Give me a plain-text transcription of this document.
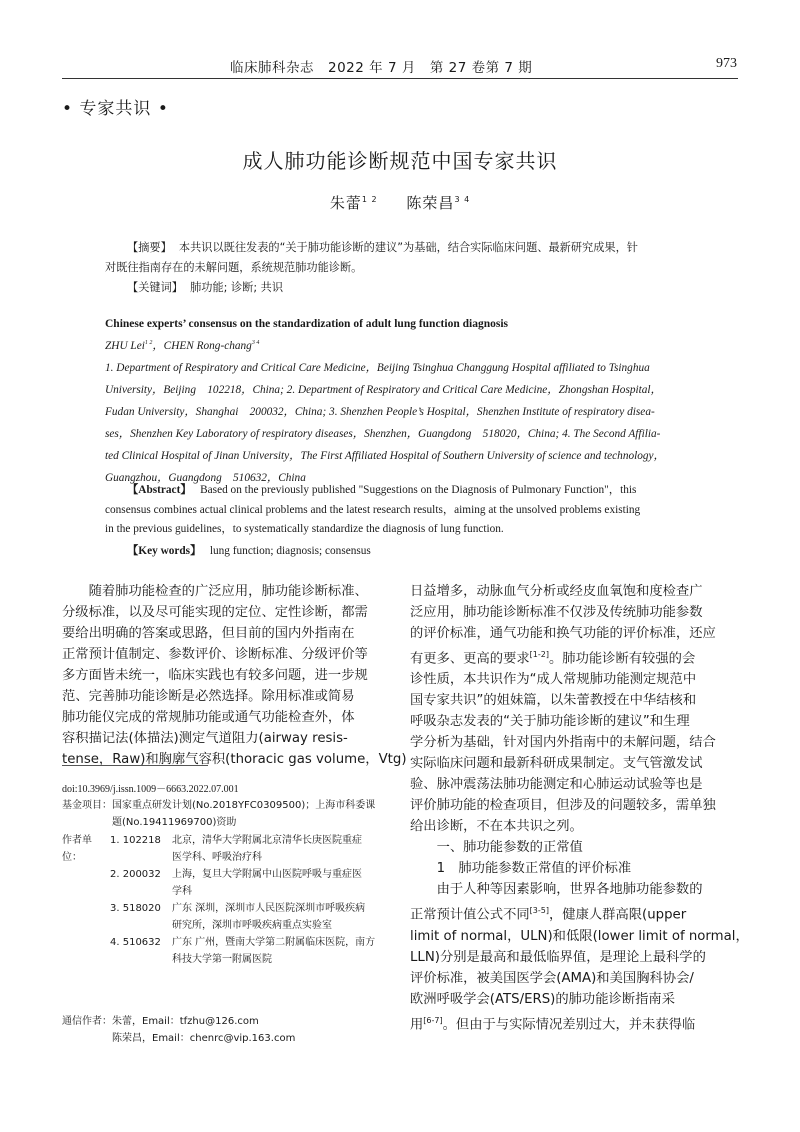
临床肺科杂志　2022 年 7 月　第 27 卷第 7 期	973
• 专家共识 •
成人肺功能诊断规范中国专家共识
朱蕾$^{1 2}$ 陈荣昌$^{3 4}$
【摘要】 本共识以既往发表的“关于肺功能诊断的建议”为基础，结合实际临床问题、最新研究成果，针
对既往指南存在的未解问题，系统规范肺功能诊断。
【关键词】 肺功能; 诊断; 共识
Chinese experts’ consensus on the standardization of adult lung function diagnosis
ZHU Lei$^{1 2}$，CHEN Rong-chang$^{3 4}$
1. Department of Respiratory and Critical Care Medicine，Beijing Tsinghua Changgung Hospital affiliated to Tsinghua
University，Beijing　102218，China; 2. Department of Respiratory and Critical Care Medicine，Zhongshan Hospital，
Fudan University，Shanghai　200032，China; 3. Shenzhen People’s Hospital，Shenzhen Institute of respiratory disea-
ses，Shenzhen Key Laboratory of respiratory diseases，Shenzhen，Guangdong　518020，China; 4. The Second Affilia-
ted Clinical Hospital of Jinan University，The First Affiliated Hospital of Southern University of science and technology，
Guangzhou，Guangdong　510632，China
【Abstract】 Based on the previously published "Suggestions on the Diagnosis of Pulmonary Function"，this
consensus combines actual clinical problems and the latest research results，aiming at the unsolved problems existing
in the previous guidelines，to systematically standardize the diagnosis of lung function.
【Key words】 lung function; diagnosis; consensus
　　随着肺功能检查的广泛应用，肺功能诊断标准、
分级标准，以及尽可能实现的定位、定性诊断，都需
要给出明确的答案或思路，但目前的国内外指南在
正常预计值制定、参数评价、诊断标准、分级评价等
多方面皆未统一，临床实践也有较多问题，进一步规
范、完善肺功能诊断是必然选择。除用标准或简易
肺功能仪完成的常规肺功能或通气功能检查外，体
容积描记法(体描法)测定气道阻力(airway resis-
tense，Raw)和胸廓气容积(thoracic gas volume，Vtg)
doi:10.3969/j.issn.1009－6663.2022.07.001
基金项目：国家重点研发计划(No.2018YFC0309500)；上海市科委课
　　　　　题(No.19411969700)资助
作者单位：
1. 102218	北京，清华大学附属北京清华长庚医院重症
医学科、呼吸治疗科
2. 200032	上海，复旦大学附属中山医院呼吸与重症医
学科
3. 518020	广东 深圳，深圳市人民医院深圳市呼吸疾病
研究所，深圳市呼吸疾病重点实验室
4. 510632	广东 广州，暨南大学第二附属临床医院，南方
科技大学第一附属医院
通信作者：朱蕾，Email：tfzhu@126.com
　　　　　陈荣昌，Email：chenrc@vip.163.com
日益增多，动脉血气分析或经皮血氧饱和度检查广
泛应用，肺功能诊断标准不仅涉及传统肺功能参数
的评价标准，通气功能和换气功能的评价标准，还应
有更多、更高的要求[1-2]。肺功能诊断有较强的会
诊性质，本共识作为“成人常规肺功能测定规范中
国专家共识”的姐妹篇，以朱蕾教授在中华结核和
呼吸杂志发表的“关于肺功能诊断的建议”和生理
学分析为基础，针对国内外指南中的未解问题，结合
实际临床问题和最新科研成果制定。支气管激发试
验、脉冲震荡法肺功能测定和心肺运动试验等也是
评价肺功能的检查项目，但涉及的问题较多，需单独
给出诊断，不在本共识之列。
　　一、肺功能参数的正常值
　　1　肺功能参数正常值的评价标准
　　由于人种等因素影响，世界各地肺功能参数的
正常预计值公式不同[3-5]，健康人群高限(upper
limit of normal，ULN)和低限(lower limit of normal，
LLN)分别是最高和最低临界值，是理论上最科学的
评价标准，被美国医学会(AMA)和美国胸科协会/
欧洲呼吸学会(ATS/ERS)的肺功能诊断指南采
用[6-7]。但由于与实际情况差别过大，并未获得临
